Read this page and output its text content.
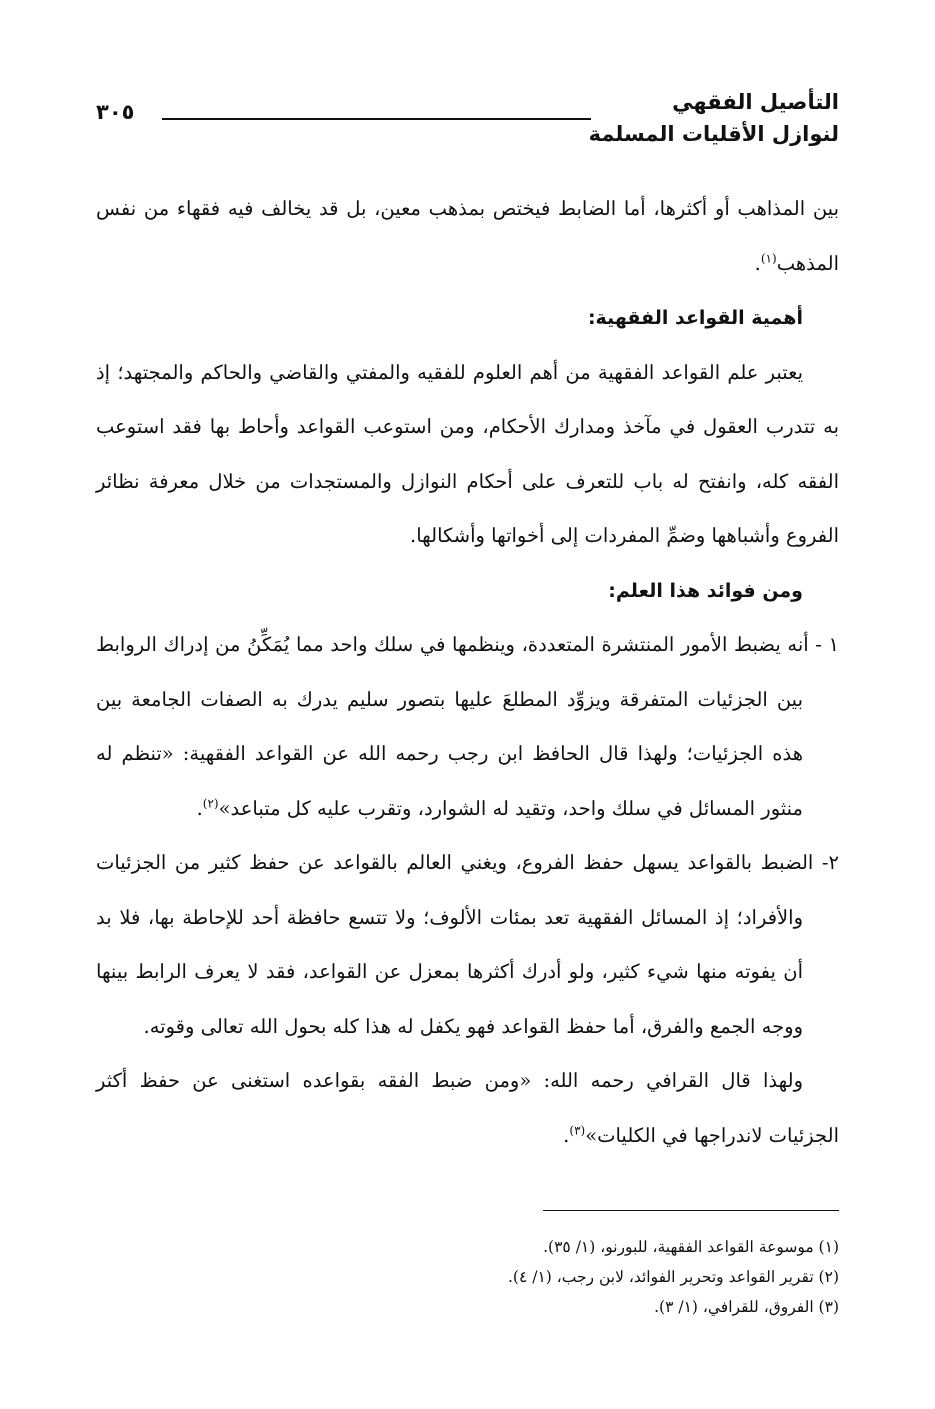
التأصيل الفقهي
لنوازل الأقليات المسلمة
٣٠٥

بين المذاهب أو أكثرها، أما الضابط فيختص بمذهب معين، بل قد يخالف فيه فقهاء من نفس المذهب$^{(١)}$.

أهمية القواعد الفقهية:

يعتبر علم القواعد الفقهية من أهم العلوم للفقيه والمفتي والقاضي والحاكم والمجتهد؛ إذ به تتدرب العقول في مآخذ ومدارك الأحكام، ومن استوعب القواعد وأحاط بها فقد استوعب الفقه كله، وانفتح له باب للتعرف على أحكام النوازل والمستجدات من خلال معرفة نظائر الفروع وأشباهها وضمِّ المفردات إلى أخواتها وأشكالها.

ومن فوائد هذا العلم:

١ - أنه يضبط الأمور المنتشرة المتعددة، وينظمها في سلك واحد مما يُمَكِّنُ من إدراك الروابط بين الجزئيات المتفرقة ويزوِّد المطلعَ عليها بتصور سليم يدرك به الصفات الجامعة بين هذه الجزئيات؛ ولهذا قال الحافظ ابن رجب رحمه الله عن القواعد الفقهية: «تنظم له منثور المسائل في سلك واحد، وتقيد له الشوارد، وتقرب عليه كل متباعد»$^{(٢)}$.

٢- الضبط بالقواعد يسهل حفظ الفروع، ويغني العالم بالقواعد عن حفظ كثير من الجزئيات والأفراد؛ إذ المسائل الفقهية تعد بمئات الألوف؛ ولا تتسع حافظة أحد للإحاطة بها، فلا بد أن يفوته منها شيء كثير، ولو أدرك أكثرها بمعزل عن القواعد، فقد لا يعرف الرابط بينها ووجه الجمع والفرق، أما حفظ القواعد فهو يكفل له هذا كله بحول الله تعالى وقوته.

ولهذا قال القرافي رحمه الله: «ومن ضبط الفقه بقواعده استغنى عن حفظ أكثر الجزئيات لاندراجها في الكليات»$^{(٣)}$.

(١) موسوعة القواعد الفقهية، للبورنو، (١/ ٣٥).
(٢) تقرير القواعد وتحرير الفوائد، لابن رجب، (١/ ٤).
(٣) الفروق، للقرافي، (١/ ٣).
